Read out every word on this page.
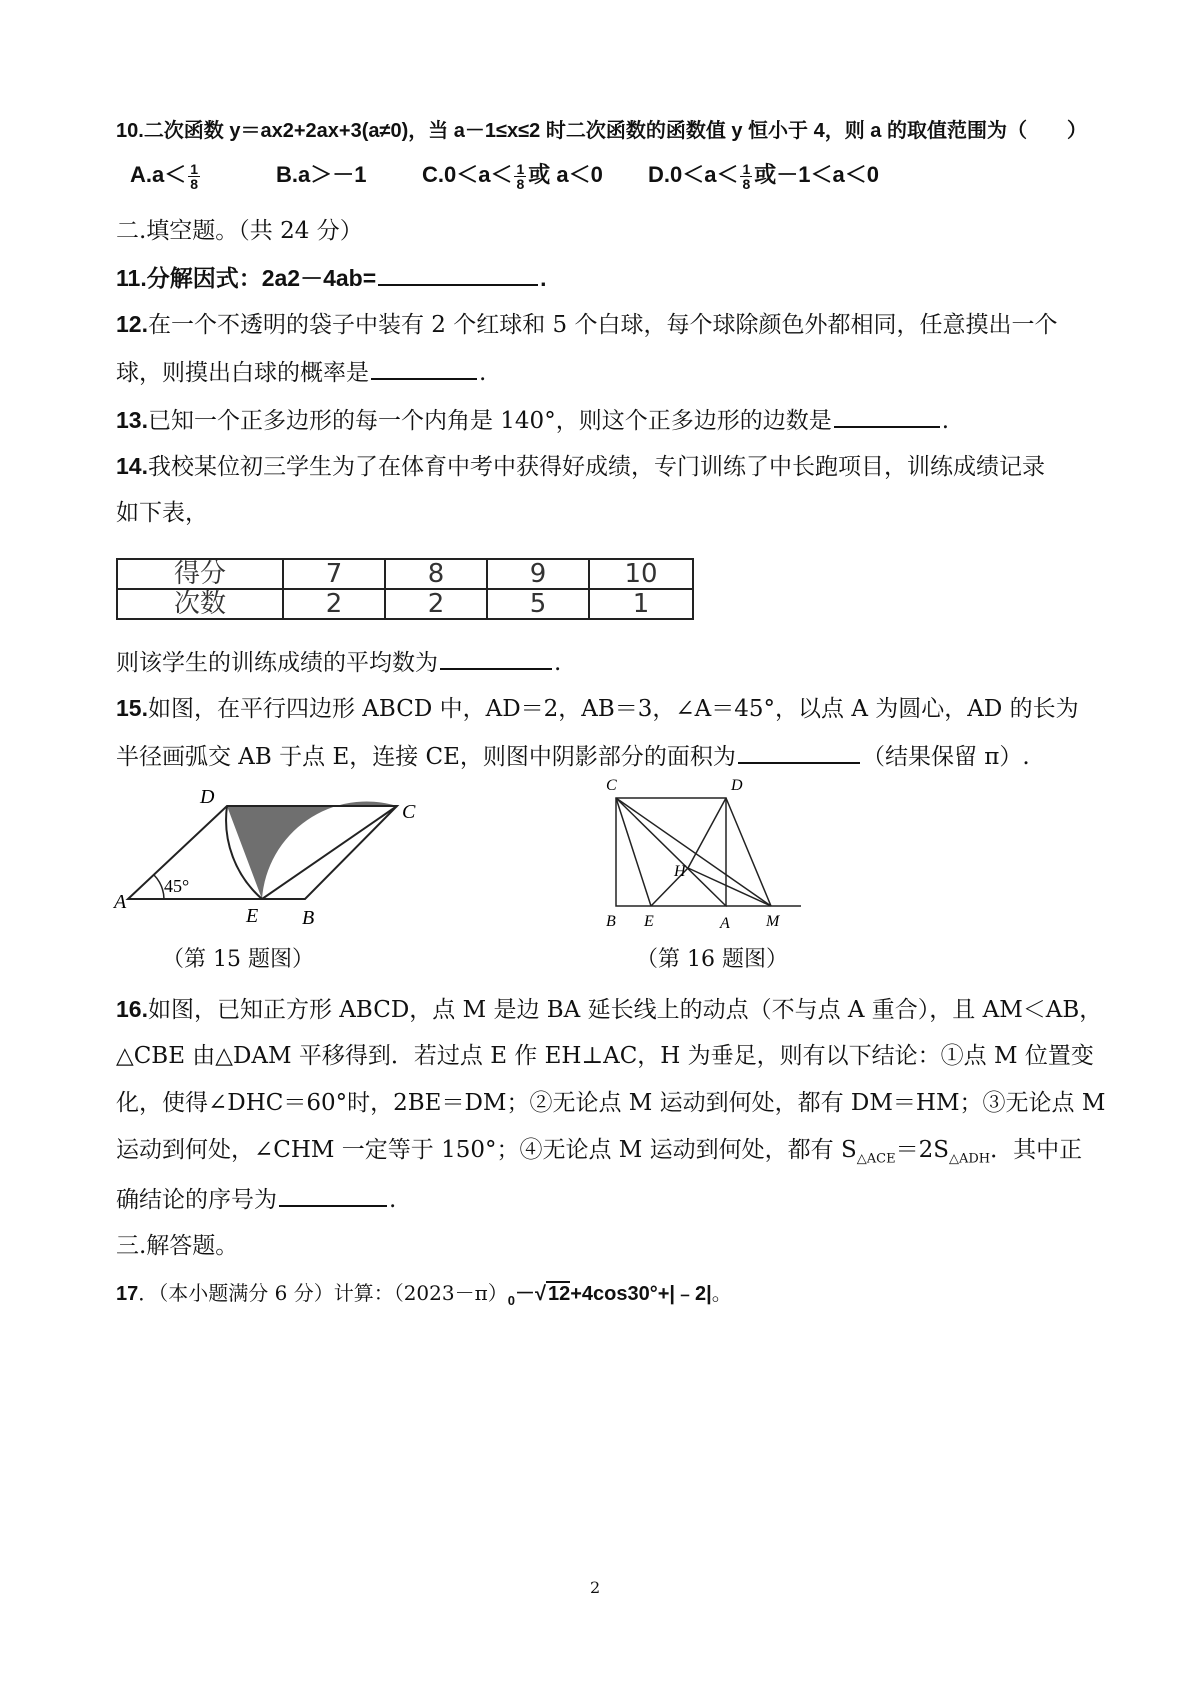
10.二次函数 y＝ax2+2ax+3(a≠0)，当 a－1≤x≤2 时二次函数的函数值 y 恒小于 4，则 a 的取值范围为（　　）
$A.a< \frac{1}{8}$	B.a＞－1	$C.0<a< \frac{1}{8}$ 或 a＜0 $D.0<a< \frac{1}{8}$ 或－1＜a＜0
二.填空题。（共 24 分）
11.分解因式：2a2－4ab=	.
12.在一个不透明的袋子中装有 2 个红球和 5 个白球，每个球除颜色外都相同，任意摸出一个
球，则摸出白球的概率是	.
13.已知一个正多边形的每一个内角是 140°，则这个正多边形的边数是	.
14.我校某位初三学生为了在体育中考中获得好成绩，专门训练了中长跑项目，训练成绩记录
如下表，
得分	7	8	9	10
次数	2	2	5	1
则该学生的训练成绩的平均数为	.
15.如图，在平行四边形 ABCD 中，AD＝2，AB＝3，∠A＝45°，以点 A 为圆心，AD 的长为
半径画弧交 AB 于点 E，连接 CE，则图中阴影部分的面积为	（结果保留 π）.
A
B
C
D
E
45°
C	D
B E	A M
H
（第 15 题图）	（第 16 题图）
16.如图，已知正方形 ABCD，点 M 是边 BA 延长线上的动点（不与点 A 重合），且 AM＜AB，
△CBE 由△DAM 平移得到．若过点 E 作 EH⊥AC，H 为垂足，则有以下结论：①点 M 位置变
化，使得∠DHC＝60°时，2BE＝DM；②无论点 M 运动到何处，都有 DM＝HM；③无论点 M
运动到何处，∠CHM 一定等于 150°；④无论点 M 运动到何处，都有 $S_{\triangle ACE}=2S_{\triangle ADH}$．其中正
确结论的序号为	.
三.解答题。
17．（本小题满分 6 分）计算：$(2023-\pi)_0-√$ 12+4cos30°+|﹣2|。
2
